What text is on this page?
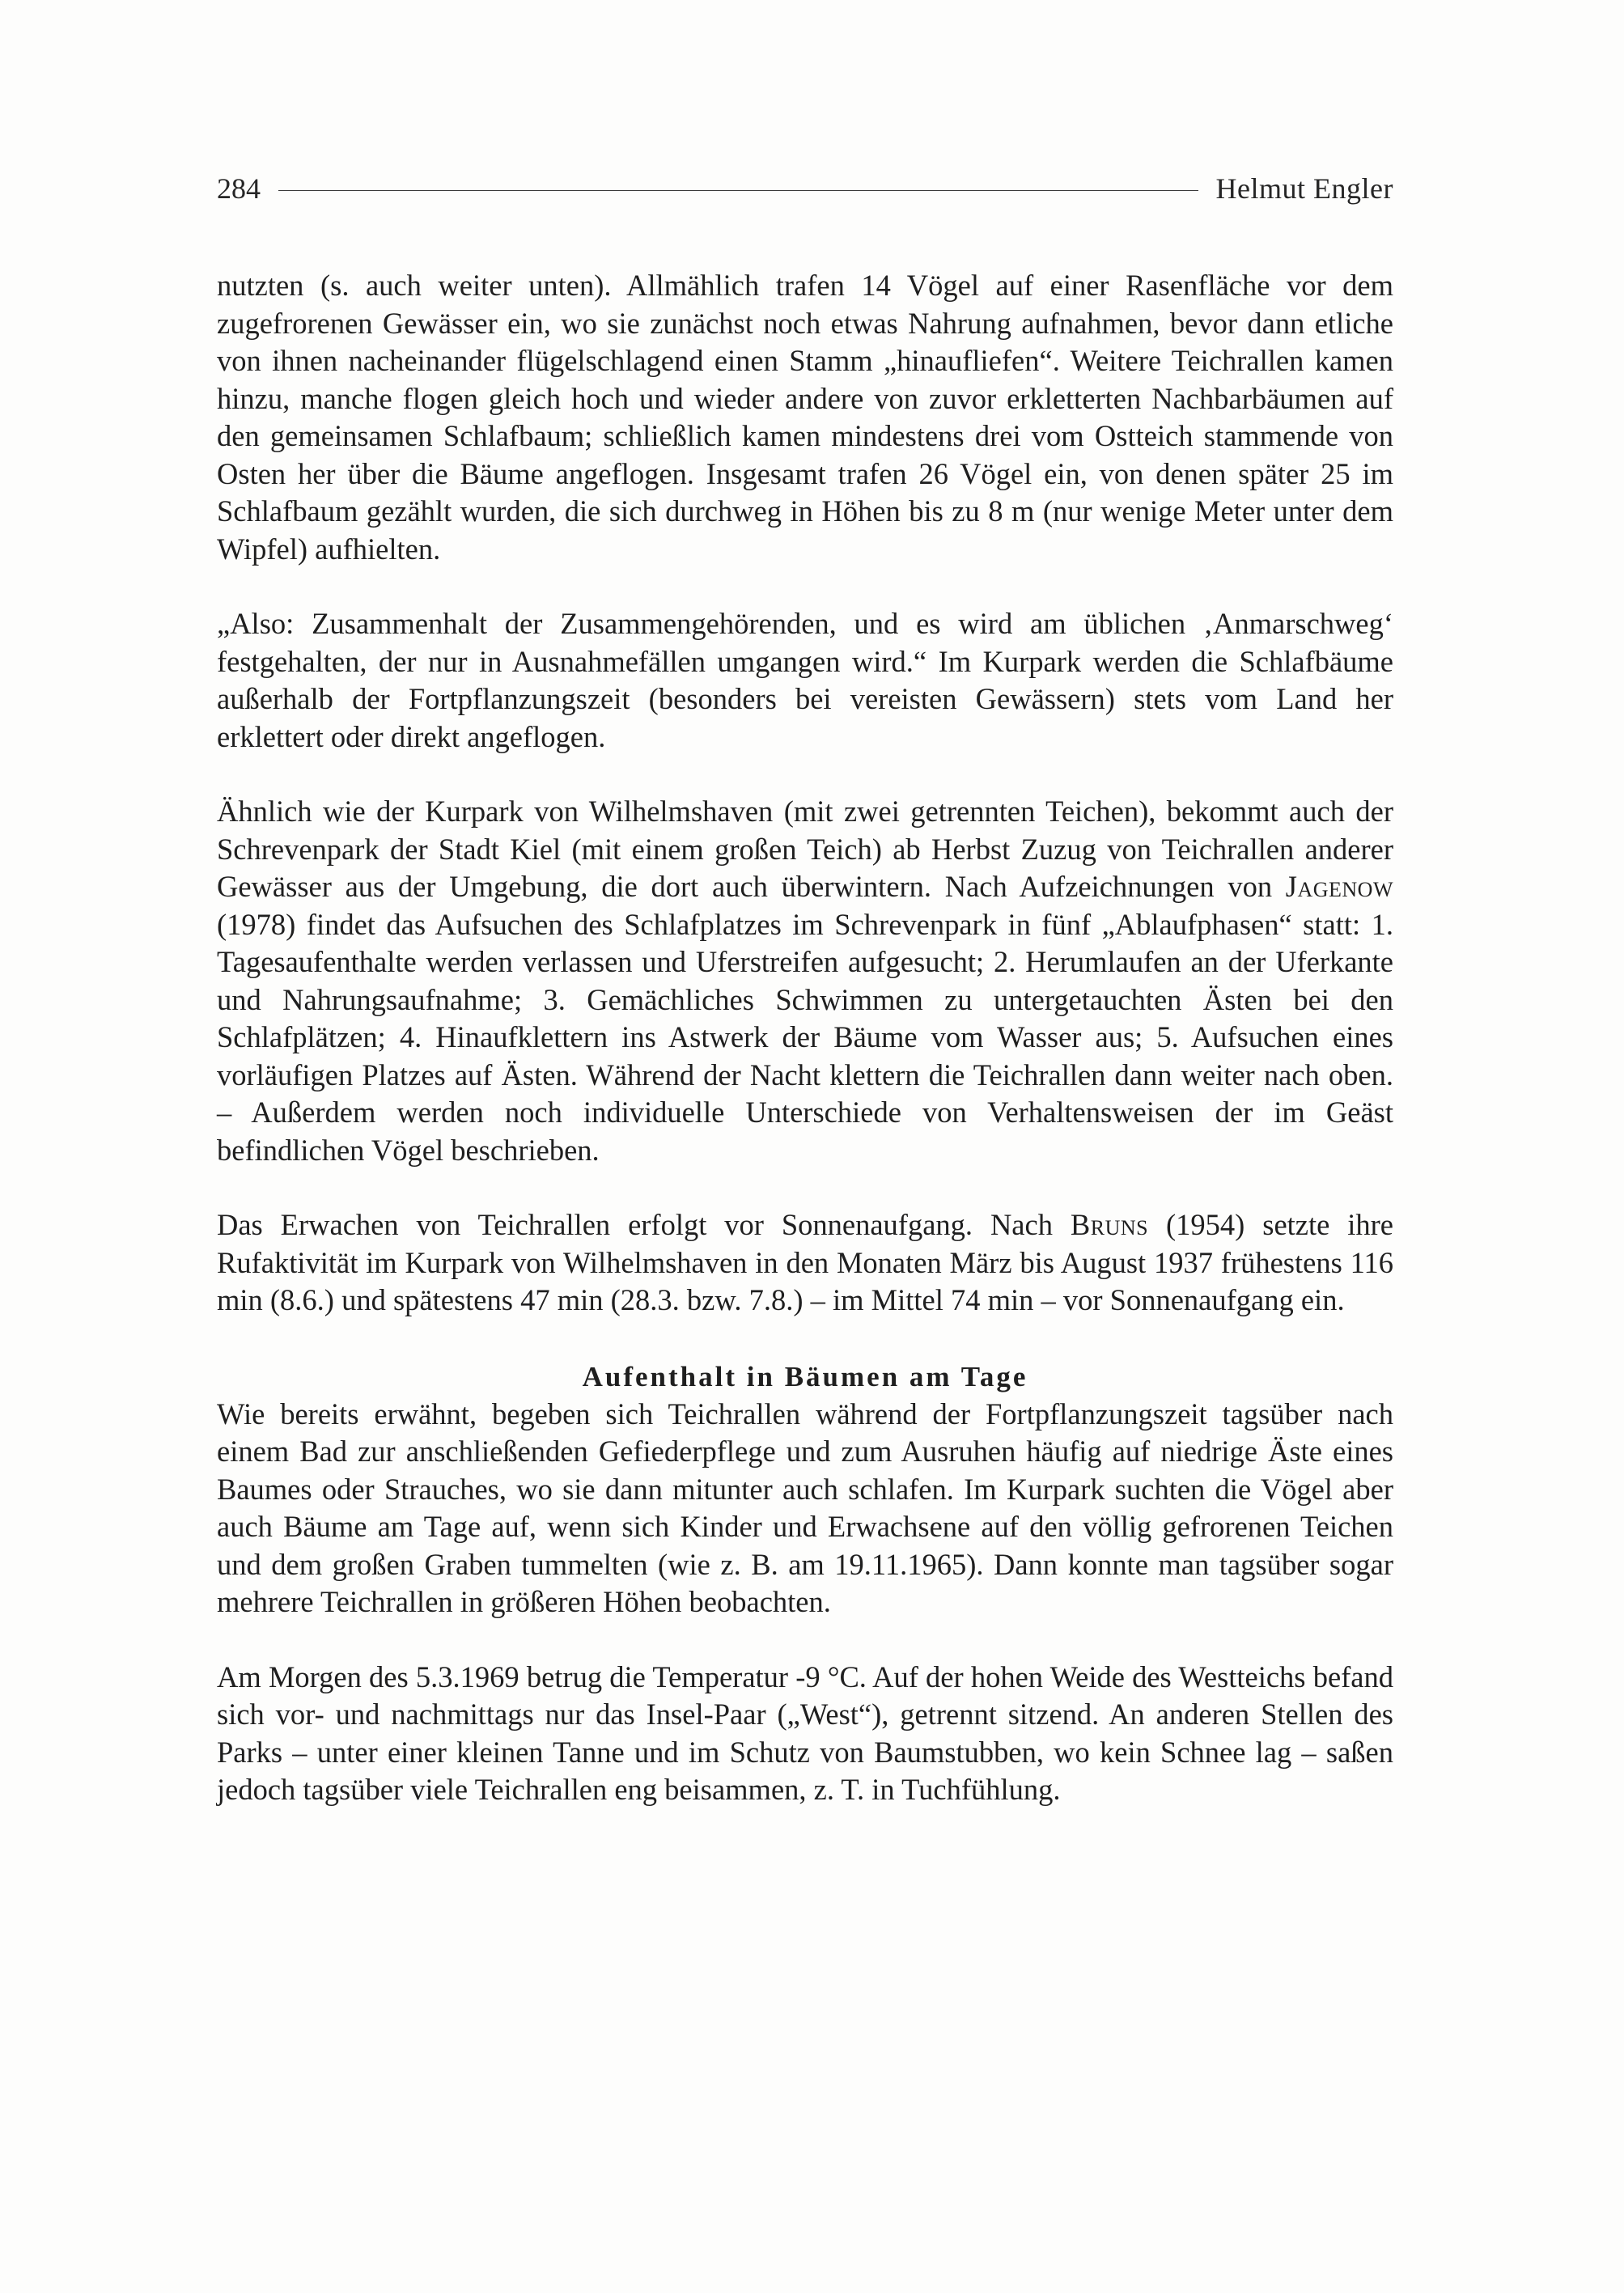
284	Helmut Engler

nutzten (s. auch weiter unten). Allmählich trafen 14 Vögel auf einer Rasenfläche vor dem zugefrorenen Gewässer ein, wo sie zunächst noch etwas Nahrung aufnahmen, bevor dann etliche von ihnen nacheinander flügelschlagend einen Stamm „hinaufliefen“. Weitere Teichrallen kamen hinzu, manche flogen gleich hoch und wieder andere von zuvor erkletterten Nachbarbäumen auf den gemeinsamen Schlafbaum; schließlich kamen mindestens drei vom Ostteich stammende von Osten her über die Bäume angeflogen. Insgesamt trafen 26 Vögel ein, von denen später 25 im Schlafbaum gezählt wurden, die sich durchweg in Höhen bis zu 8 m (nur wenige Meter unter dem Wipfel) aufhielten.

„Also: Zusammenhalt der Zusammengehörenden, und es wird am üblichen ‚Anmarschweg‘ festgehalten, der nur in Ausnahmefällen umgangen wird.“ Im Kurpark werden die Schlafbäume außerhalb der Fortpflanzungszeit (besonders bei vereisten Gewässern) stets vom Land her erklettert oder direkt angeflogen.

Ähnlich wie der Kurpark von Wilhelmshaven (mit zwei getrennten Teichen), bekommt auch der Schrevenpark der Stadt Kiel (mit einem großen Teich) ab Herbst Zuzug von Teichrallen anderer Gewässer aus der Umgebung, die dort auch überwintern. Nach Aufzeichnungen von Jagenow (1978) findet das Aufsuchen des Schlafplatzes im Schrevenpark in fünf „Ablaufphasen“ statt: 1. Tagesaufenthalte werden verlassen und Uferstreifen aufgesucht; 2. Herumlaufen an der Uferkante und Nahrungsaufnahme; 3. Gemächliches Schwimmen zu untergetauchten Ästen bei den Schlafplätzen; 4. Hinaufklettern ins Astwerk der Bäume vom Wasser aus; 5. Aufsuchen eines vorläufigen Platzes auf Ästen. Während der Nacht klettern die Teichrallen dann weiter nach oben. – Außerdem werden noch individuelle Unterschiede von Verhaltensweisen der im Geäst befindlichen Vögel beschrieben.

Das Erwachen von Teichrallen erfolgt vor Sonnenaufgang. Nach Bruns (1954) setzte ihre Rufaktivität im Kurpark von Wilhelmshaven in den Monaten März bis August 1937 frühestens 116 min (8.6.) und spätestens 47 min (28.3. bzw. 7.8.) – im Mittel 74 min – vor Sonnenaufgang ein.

Aufenthalt in Bäumen am Tage

Wie bereits erwähnt, begeben sich Teichrallen während der Fortpflanzungszeit tagsüber nach einem Bad zur anschließenden Gefiederpflege und zum Ausruhen häufig auf niedrige Äste eines Baumes oder Strauches, wo sie dann mitunter auch schlafen. Im Kurpark suchten die Vögel aber auch Bäume am Tage auf, wenn sich Kinder und Erwachsene auf den völlig gefrorenen Teichen und dem großen Graben tummelten (wie z. B. am 19.11.1965). Dann konnte man tagsüber sogar mehrere Teichrallen in größeren Höhen beobachten.

Am Morgen des 5.3.1969 betrug die Temperatur -9 °C. Auf der hohen Weide des Westteichs befand sich vor- und nachmittags nur das Insel-Paar („West“), getrennt sitzend. An anderen Stellen des Parks – unter einer kleinen Tanne und im Schutz von Baumstubben, wo kein Schnee lag – saßen jedoch tagsüber viele Teichrallen eng beisammen, z. T. in Tuchfühlung.
